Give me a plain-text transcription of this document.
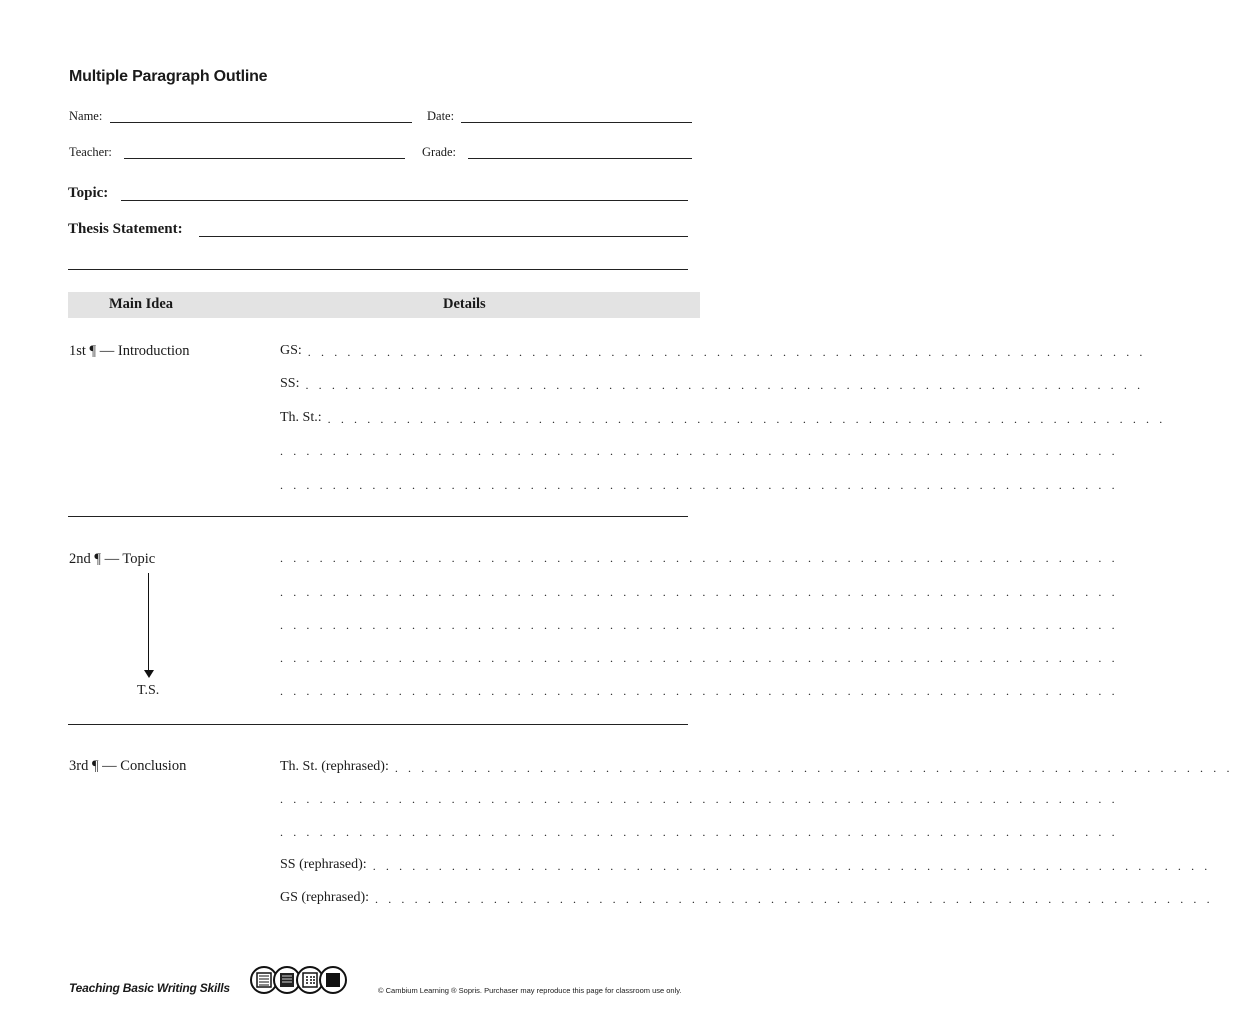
Multiple Paragraph Outline
Name:	Date:
Teacher:	Grade:
Topic:
Thesis Statement:
Main Idea	Details
1st ¶ — Introduction	GS: . . . . . . . . . . . . . . . . . . . . . . . . . . . . . . . . . . . . . . . . . . . . . . . . . . . . . . . . . . . . . . . .
SS: . . . . . . . . . . . . . . . . . . . . . . . . . . . . . . . . . . . . . . . . . . . . . . . . . . . . . . . . . . . . . . . .
Th. St.: . . . . . . . . . . . . . . . . . . . . . . . . . . . . . . . . . . . . . . . . . . . . . . . . . . . . . . . . . . . . . . . .
. . . . . . . . . . . . . . . . . . . . . . . . . . . . . . . . . . . . . . . . . . . . . . . . . . . . . . . . . . . . . . . .
. . . . . . . . . . . . . . . . . . . . . . . . . . . . . . . . . . . . . . . . . . . . . . . . . . . . . . . . . . . . . . . .
2nd ¶ — Topic
T.S.
. . . . . . . . . . . . . . . . . . . . . . . . . . . . . . . . . . . . . . . . . . . . . . . . . . . . . . . . . . . . . . . .
. . . . . . . . . . . . . . . . . . . . . . . . . . . . . . . . . . . . . . . . . . . . . . . . . . . . . . . . . . . . . . . .
. . . . . . . . . . . . . . . . . . . . . . . . . . . . . . . . . . . . . . . . . . . . . . . . . . . . . . . . . . . . . . . .
. . . . . . . . . . . . . . . . . . . . . . . . . . . . . . . . . . . . . . . . . . . . . . . . . . . . . . . . . . . . . . . .
. . . . . . . . . . . . . . . . . . . . . . . . . . . . . . . . . . . . . . . . . . . . . . . . . . . . . . . . . . . . . . . .
3rd ¶ — Conclusion	Th. St. (rephrased): . . . . . . . . . . . . . . . . . . . . . . . . . . . . . . . . . . . . . . . . . . . . . . . . . . . . . . . . . . . . . . . .
. . . . . . . . . . . . . . . . . . . . . . . . . . . . . . . . . . . . . . . . . . . . . . . . . . . . . . . . . . . . . . . .
. . . . . . . . . . . . . . . . . . . . . . . . . . . . . . . . . . . . . . . . . . . . . . . . . . . . . . . . . . . . . . . .
SS (rephrased): . . . . . . . . . . . . . . . . . . . . . . . . . . . . . . . . . . . . . . . . . . . . . . . . . . . . . . . . . . . . . . . .
GS (rephrased): . . . . . . . . . . . . . . . . . . . . . . . . . . . . . . . . . . . . . . . . . . . . . . . . . . . . . . . . . . . . . . . .
Teaching Basic Writing Skills	© Cambium Learning ® Sopris. Purchaser may reproduce this page for classroom use only.
